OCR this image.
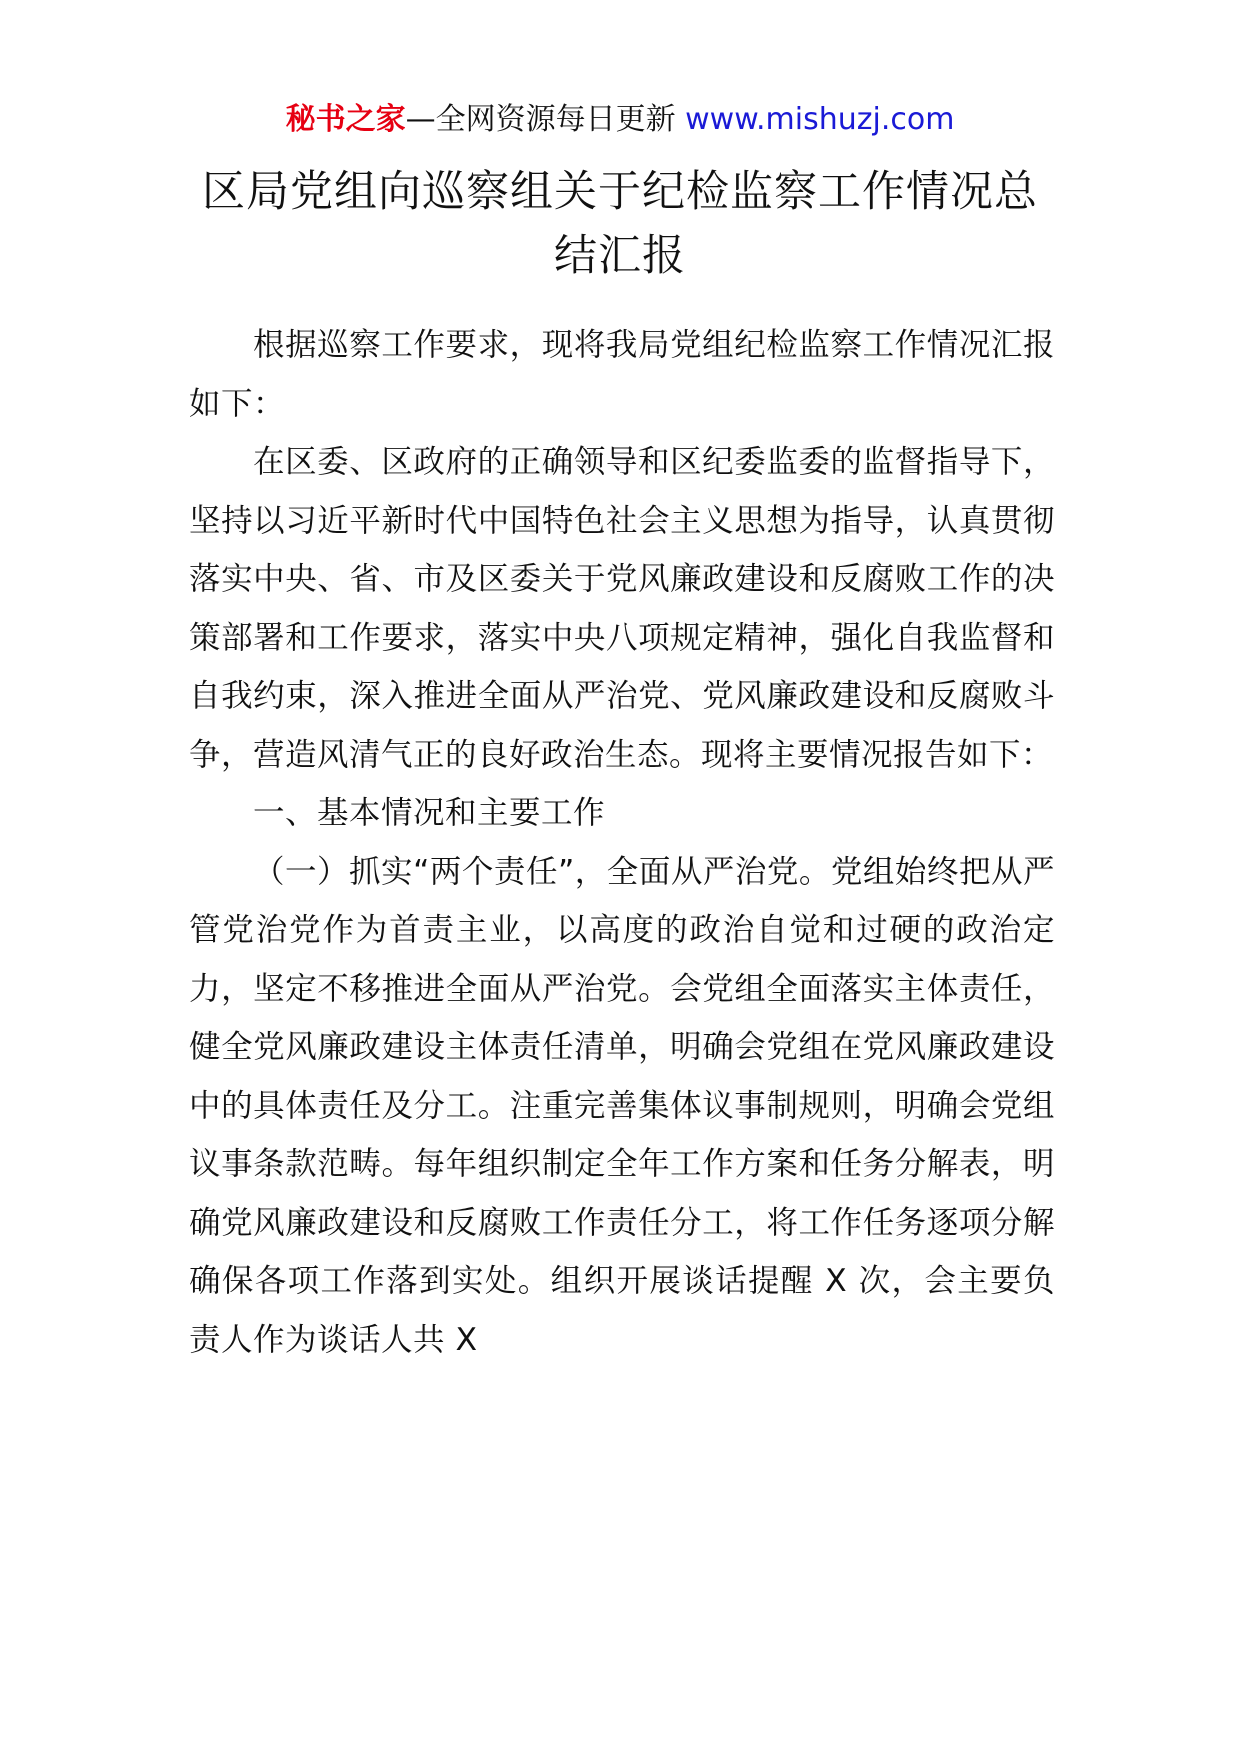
秘书之家—全网资源每日更新 www.mishuzj.com
区局党组向巡察组关于纪检监察工作情况总结汇报

根据巡察工作要求，现将我局党组纪检监察工作情况汇报如下：

在区委、区政府的正确领导和区纪委监委的监督指导下，坚持以习近平新时代中国特色社会主义思想为指导，认真贯彻落实中央、省、市及区委关于党风廉政建设和反腐败工作的决策部署和工作要求，落实中央八项规定精神，强化自我监督和自我约束，深入推进全面从严治党、党风廉政建设和反腐败斗争，营造风清气正的良好政治生态。现将主要情况报告如下：

一、基本情况和主要工作

（一）抓实“两个责任”，全面从严治党。党组始终把从严管党治党作为首责主业，以高度的政治自觉和过硬的政治定力，坚定不移推进全面从严治党。会党组全面落实主体责任，健全党风廉政建设主体责任清单，明确会党组在党风廉政建设中的具体责任及分工。注重完善集体议事制规则，明确会党组议事条款范畴。每年组织制定全年工作方案和任务分解表，明确党风廉政建设和反腐败工作责任分工，将工作任务逐项分解确保各项工作落到实处。组织开展谈话提醒 X 次，会主要负责人作为谈话人共 X
